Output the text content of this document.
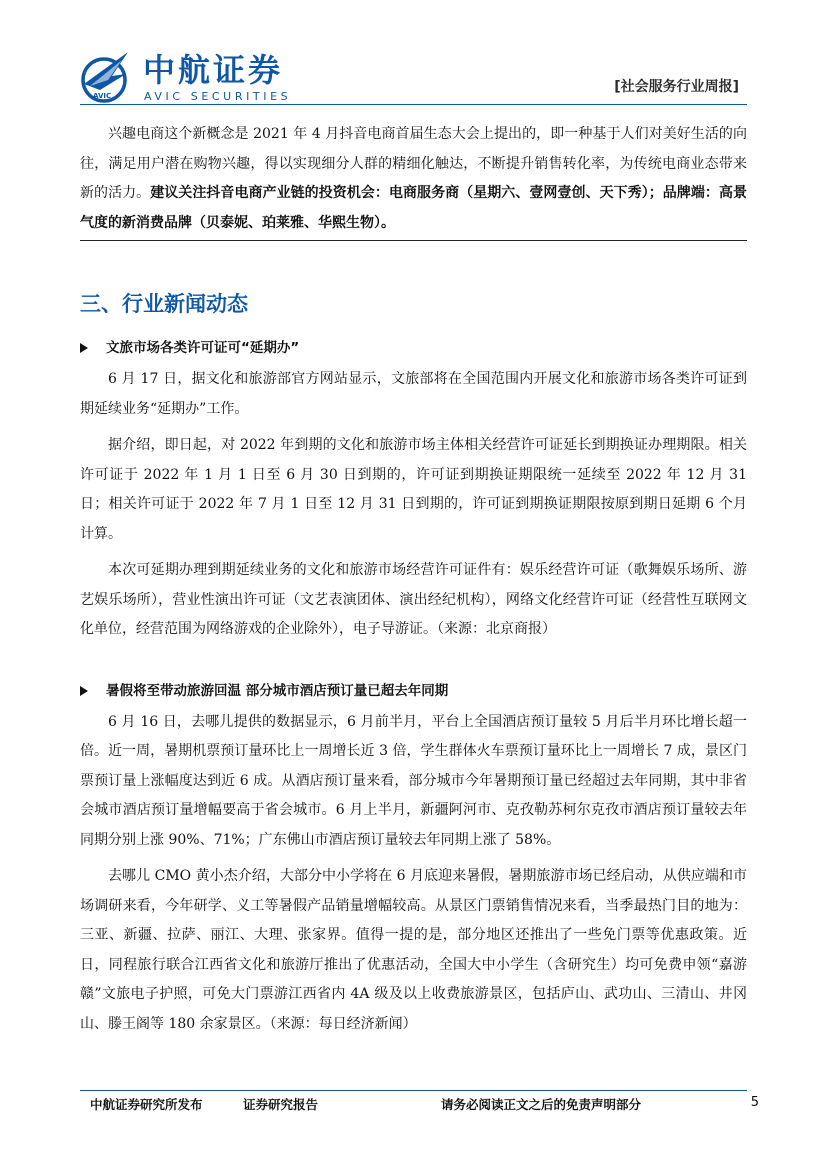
AVIC
中航证券
AVIC SECURITIES
[社会服务行业周报]

兴趣电商这个新概念是 2021 年 4 月抖音电商首届生态大会上提出的，即一种基于人们对美好生活的向往，满足用户潜在购物兴趣，得以实现细分人群的精细化触达，不断提升销售转化率，为传统电商业态带来新的活力。建议关注抖音电商产业链的投资机会：电商服务商（星期六、壹网壹创、天下秀）；品牌端：高景气度的新消费品牌（贝泰妮、珀莱雅、华熙生物）。

三、行业新闻动态
文旅市场各类许可证可“延期办”

6 月 17 日，据文化和旅游部官方网站显示，文旅部将在全国范围内开展文化和旅游市场各类许可证到期延续业务“延期办”工作。

据介绍，即日起，对 2022 年到期的文化和旅游市场主体相关经营许可证延长到期换证办理期限。相关许可证于 2022 年 1 月 1 日至 6 月 30 日到期的，许可证到期换证期限统一延续至 2022 年 12 月 31 日；相关许可证于 2022 年 7 月 1 日至 12 月 31 日到期的，许可证到期换证期限按原到期日延期 6 个月计算。

本次可延期办理到期延续业务的文化和旅游市场经营许可证件有：娱乐经营许可证（歌舞娱乐场所、游艺娱乐场所），营业性演出许可证（文艺表演团体、演出经纪机构），网络文化经营许可证（经营性互联网文化单位，经营范围为网络游戏的企业除外），电子导游证。（来源：北京商报）

暑假将至带动旅游回温 部分城市酒店预订量已超去年同期

6 月 16 日，去哪儿提供的数据显示，6 月前半月，平台上全国酒店预订量较 5 月后半月环比增长超一倍。近一周，暑期机票预订量环比上一周增长近 3 倍，学生群体火车票预订量环比上一周增长 7 成，景区门票预订量上涨幅度达到近 6 成。从酒店预订量来看，部分城市今年暑期预订量已经超过去年同期，其中非省会城市酒店预订量增幅要高于省会城市。6 月上半月，新疆阿河市、克孜勒苏柯尔克孜市酒店预订量较去年同期分别上涨 90%、71%；广东佛山市酒店预订量较去年同期上涨了 58%。

去哪儿 CMO 黄小杰介绍，大部分中小学将在 6 月底迎来暑假，暑期旅游市场已经启动，从供应端和市场调研来看，今年研学、义工等暑假产品销量增幅较高。从景区门票销售情况来看，当季最热门目的地为：三亚、新疆、拉萨、丽江、大理、张家界。值得一提的是，部分地区还推出了一些免门票等优惠政策。近日，同程旅行联合江西省文化和旅游厅推出了优惠活动，全国大中小学生（含研究生）均可免费申领“嘉游赣”文旅电子护照，可免大门票游江西省内 4A 级及以上收费旅游景区，包括庐山、武功山、三清山、井冈山、滕王阁等 180 余家景区。（来源：每日经济新闻）

中航证券研究所发布	证券研究报告	请务必阅读正文之后的免责声明部分	5
